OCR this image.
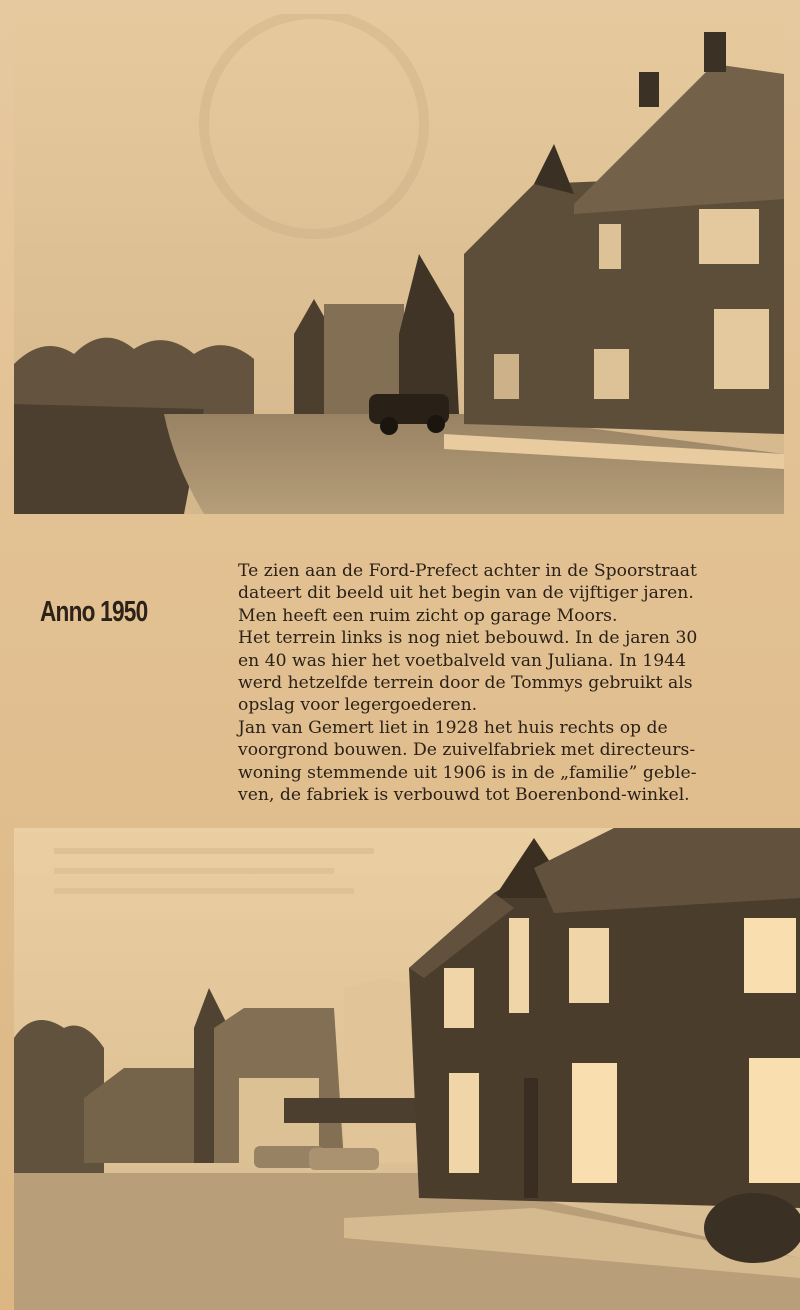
Anno 1950

Te zien aan de Ford-Prefect achter in de Spoorstraat
dateert dit beeld uit het begin van de vijftiger jaren.
Men heeft een ruim zicht op garage Moors.
Het terrein links is nog niet bebouwd. In de jaren 30
en 40 was hier het voetbalveld van Juliana. In 1944
werd hetzelfde terrein door de Tommys gebruikt als
opslag voor legergoederen.
Jan van Gemert liet in 1928 het huis rechts op de
voorgrond bouwen. De zuivelfabriek met directeurs-
woning stemmende uit 1906 is in de „familie” geble-
ven, de fabriek is verbouwd tot Boerenbond-winkel.
